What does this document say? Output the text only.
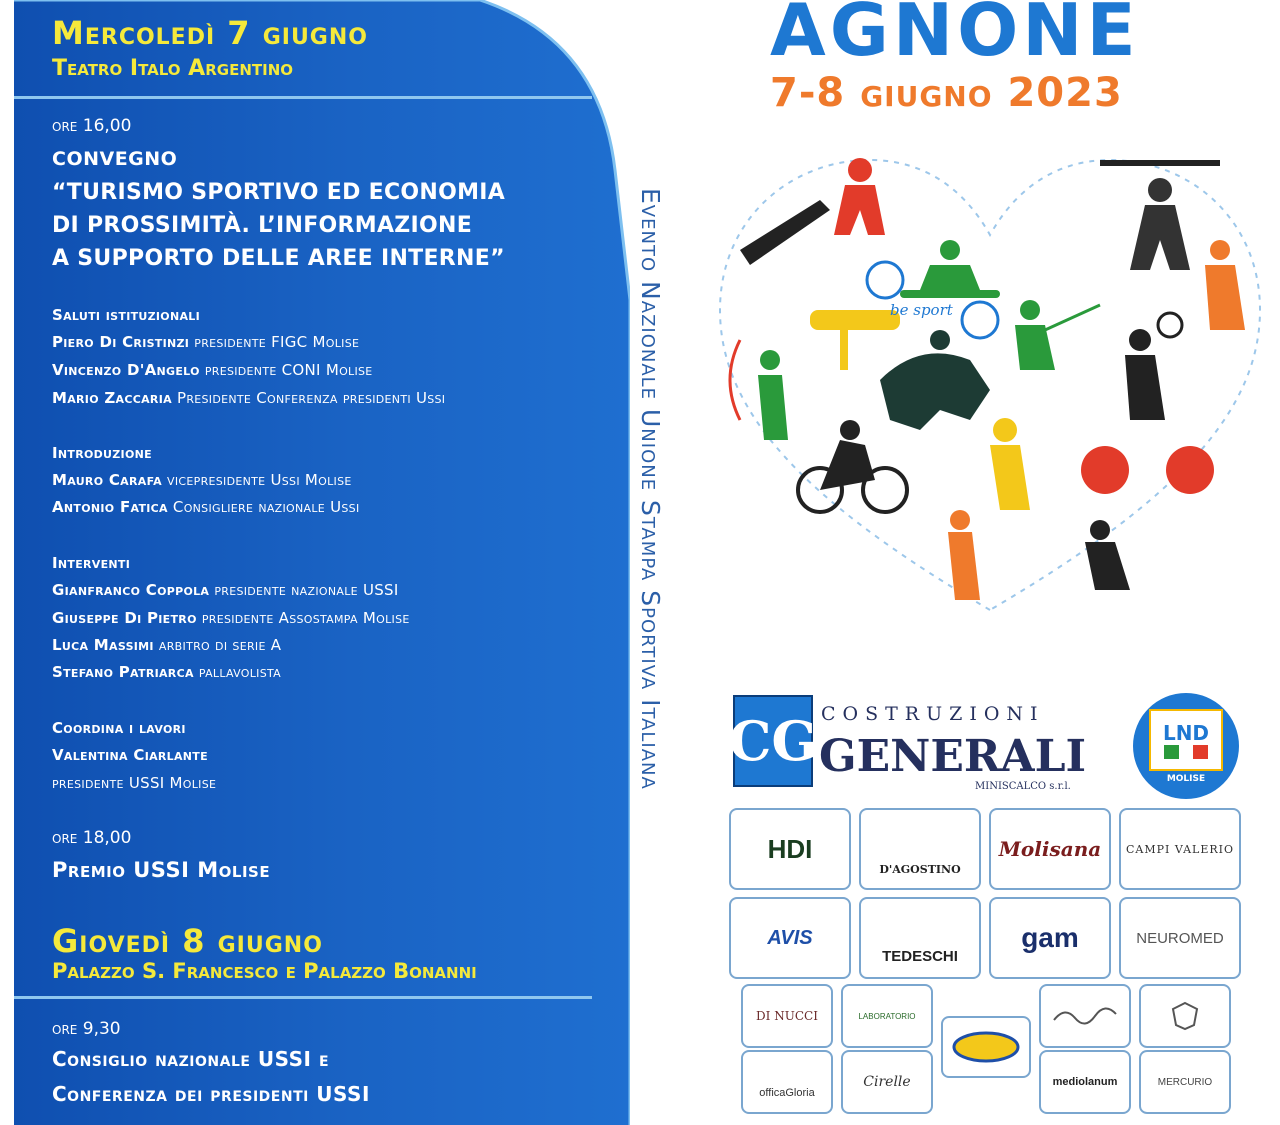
Mercoledì 7 giugno
Teatro Italo Argentino

ore 16,00

CONVEGNO

“TURISMO SPORTIVO ED ECONOMIA
DI PROSSIMITÀ. L’INFORMAZIONE
A SUPPORTO DELLE AREE INTERNE”

Saluti istituzionali

Piero Di Cristinzi presidente FIGC Molise

Vincenzo D'Angelo presidente CONI Molise

Mario Zaccaria Presidente Conferenza presidenti Ussi

Introduzione

Mauro Carafa vicepresidente Ussi Molise

Antonio Fatica Consigliere nazionale Ussi

Interventi

Gianfranco Coppola presidente nazionale USSI

Giuseppe Di Pietro presidente Assostampa Molise

Luca Massimi arbitro di serie A

Stefano Patriarca pallavolista

Coordina i lavori

Valentina Ciarlante

presidente USSI Molise

ore 18,00

Premio USSI Molise

Giovedì 8 giugno
Palazzo S. Francesco e Palazzo Bonanni

ore 9,30

Consiglio nazionale USSI e

Conferenza dei presidenti USSI

Evento Nazionale Unione Stampa Sportiva Italiana
AGNONE
7-8 giugno 2023
be sport
CG COSTRUZIONI
GENERALI
MINISCALCO s.r.l.
LND
MOLISE
HDI
D'AGOSTINO
Molisana CAMPI VALERIO
AVIS
TEDESCHI
gam	NEUROMED
DI NUCCI	LABORATORIO
officaGloria
Cirelle	mediolanum	MERCURIO
